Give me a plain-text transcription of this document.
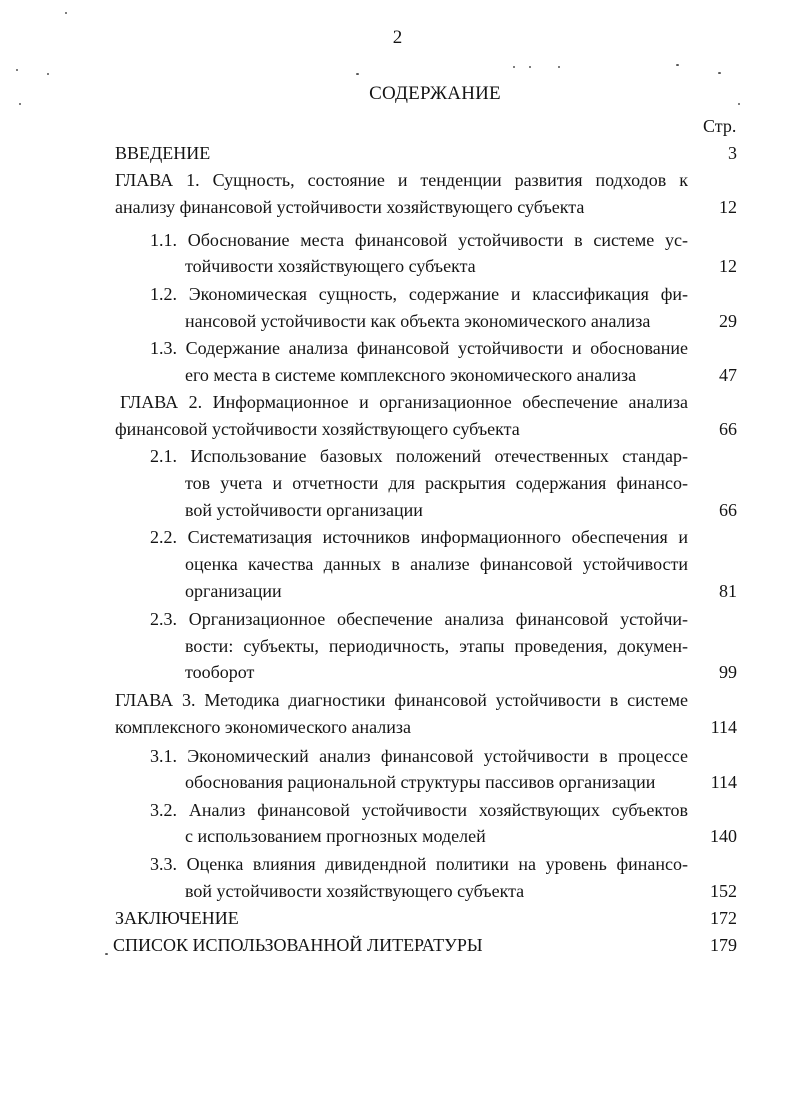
2
СОДЕРЖАНИЕ
Стр.
ВВЕДЕНИЕ	3
ГЛАВА 1. Сущность, состояние и тенденции развития подходов к
анализу финансовой устойчивости хозяйствующего субъекта	12
1.1. Обоснование места финансовой устойчивости в системе ус-
тойчивости хозяйствующего субъекта	12
1.2. Экономическая сущность, содержание и классификация фи-
нансовой устойчивости как объекта экономического анализа	29
1.3. Содержание анализа финансовой устойчивости и обоснование
его места в системе комплексного экономического анализа	47
ГЛАВА 2. Информационное и организационное обеспечение анализа
финансовой устойчивости хозяйствующего субъекта	66
2.1. Использование базовых положений отечественных стандар-
тов учета и отчетности для раскрытия содержания финансо-
вой устойчивости организации	66
2.2. Систематизация источников информационного обеспечения и
оценка качества данных в анализе финансовой устойчивости
организации	81
2.3. Организационное обеспечение анализа финансовой устойчи-
вости: субъекты, периодичность, этапы проведения, докумен-
тооборот	99
ГЛАВА 3. Методика диагностики финансовой устойчивости в системе
комплексного экономического анализа	114
3.1. Экономический анализ финансовой устойчивости в процессе
обоснования рациональной структуры пассивов организации	114
3.2. Анализ финансовой устойчивости хозяйствующих субъектов
с использованием прогнозных моделей	140
3.3. Оценка влияния дивидендной политики на уровень финансо-
вой устойчивости хозяйствующего субъекта	152
ЗАКЛЮЧЕНИЕ	172
СПИСОК ИСПОЛЬЗОВАННОЙ ЛИТЕРАТУРЫ	179
